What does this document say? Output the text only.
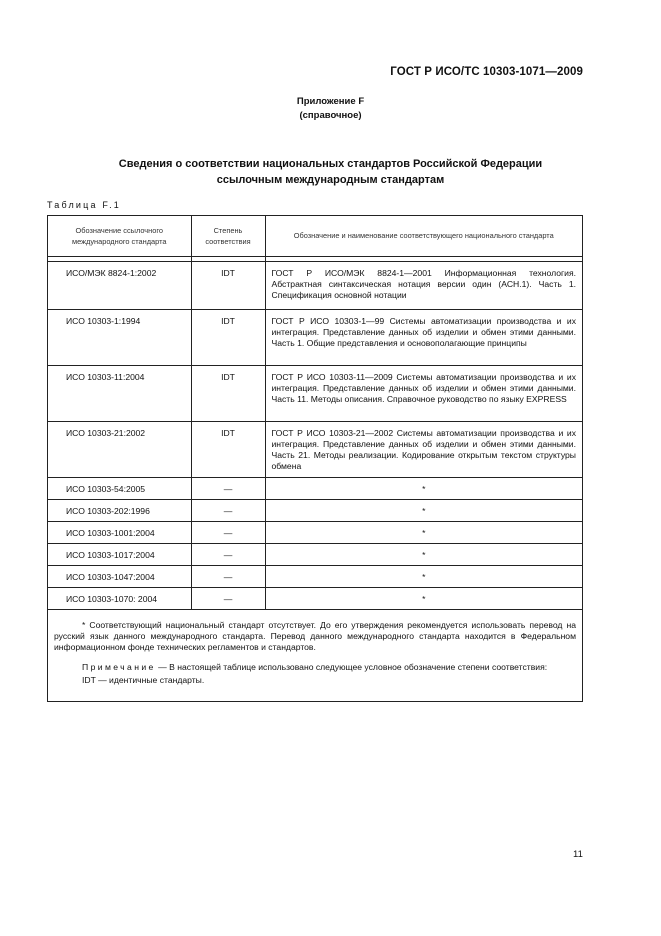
ГОСТ Р ИСО/ТС 10303-1071—2009
Приложение F
(справочное)
Сведения о соответствии национальных стандартов Российской Федерации
ссылочным международным стандартам
Таблица F.1
Обозначение ссылочного международного стандарта	Степень соответствия	Обозначение и наименование соответствующего национального стандарта

ИСО/МЭК 8824-1:2002	IDT	ГОСТ Р ИСО/МЭК 8824-1—2001 Информационная технология. Абстрактная синтаксическая нотация версии один (АСН.1). Часть 1. Спецификация основной нотации
ИСО 10303-1:1994	IDT	ГОСТ Р ИСО 10303-1—99 Системы автоматизации производства и их интеграция. Представление данных об изделии и обмен этими данными. Часть 1. Общие представления и основополагающие принципы
ИСО 10303-11:2004	IDT	ГОСТ Р ИСО 10303-11—2009 Системы автоматизации производства и их интеграция. Представление данных об изделии и обмен этими данными. Часть 11. Методы описания. Справочное руководство по языку EXPRESS
ИСО 10303-21:2002	IDT	ГОСТ Р ИСО 10303-21—2002 Системы автоматизации производства и их интеграция. Представление данных об изделии и обмен этими данными. Часть 21. Методы реализации. Кодирование открытым текстом структуры обмена
ИСО 10303-54:2005	—	*
ИСО 10303-202:1996	—	*
ИСО 10303-1001:2004	—	*
ИСО 10303-1017:2004	—	*
ИСО 10303-1047:2004	—	*
ИСО 10303-1070: 2004	—	*

* Соответствующий национальный стандарт отсутствует. До его утверждения рекомендуется использовать перевод на русский язык данного международного стандарта. Перевод данного международного стандарта находится в Федеральном информационном фонде технических регламентов и стандартов.

Примечание — В настоящей таблице использовано следующее условное обозначение степени соответствия:

IDT — идентичные стандарты.		

11
